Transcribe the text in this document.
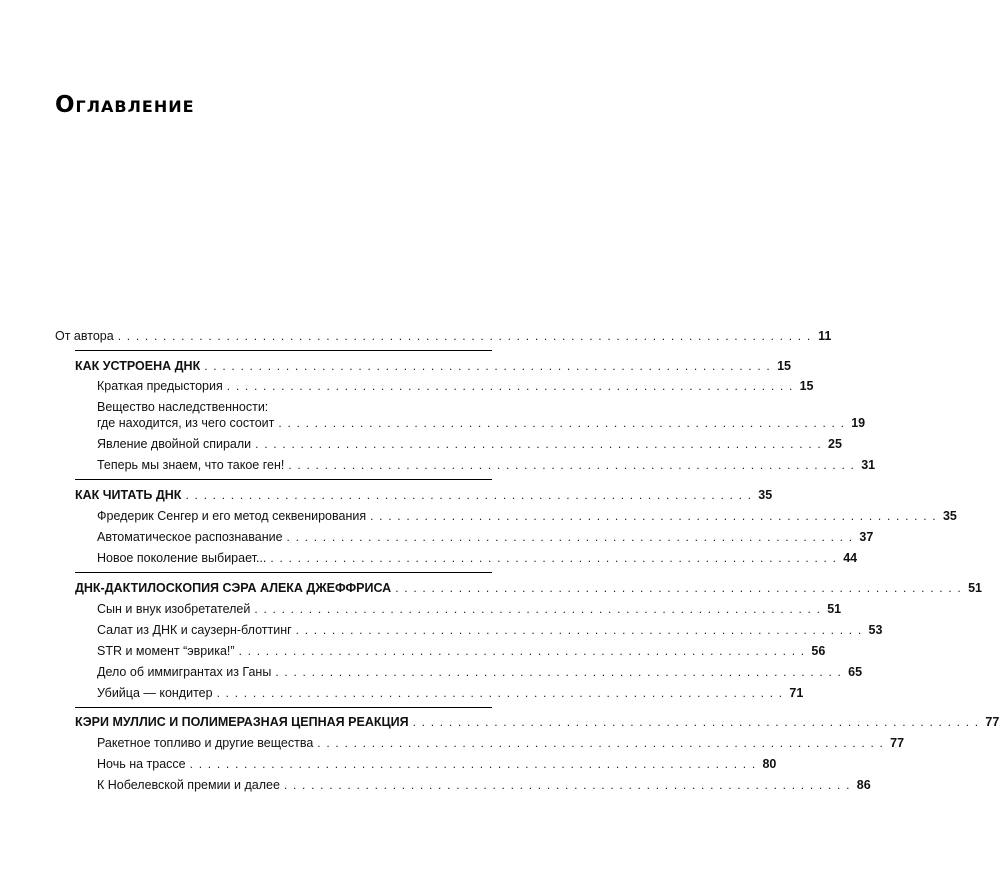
Оглавление
От автора . . . . . . . . . . . . . . . . . . . . . . . . . . . . . . . . . . . . . . . . . . . . . . . . . . . . . . . . . . . . . . . . . . . . . . . . . . . . . 11
КАК УСТРОЕНА ДНК . . . . . . . . . . . . . . . . . . . . . . . . . . . . . . . . . . . . . . . . . . . . . . . . . . . . . . . . . . . . . . . 15
Краткая предыстория . . . . . . . . . . . . . . . . . . . . . . . . . . . . . . . . . . . . . . . . . . . . . . . . . . . . . . . . . . . . . . . 15
Вещество наследственности:
где находится, из чего состоит . . . . . . . . . . . . . . . . . . . . . . . . . . . . . . . . . . . . . . . . . . . . . . . . . . . . . . . . . . . . . . . 19
Явление двойной спирали . . . . . . . . . . . . . . . . . . . . . . . . . . . . . . . . . . . . . . . . . . . . . . . . . . . . . . . . . . . . . . . 25
Теперь мы знаем, что такое ген! . . . . . . . . . . . . . . . . . . . . . . . . . . . . . . . . . . . . . . . . . . . . . . . . . . . . . . . . . . . . . . . 31
КАК ЧИТАТЬ ДНК . . . . . . . . . . . . . . . . . . . . . . . . . . . . . . . . . . . . . . . . . . . . . . . . . . . . . . . . . . . . . . . 35
Фредерик Сенгер и его метод секвенирования . . . . . . . . . . . . . . . . . . . . . . . . . . . . . . . . . . . . . . . . . . . . . . . . . . . . . . . . . . . . . . . 35
Автоматическое распознавание . . . . . . . . . . . . . . . . . . . . . . . . . . . . . . . . . . . . . . . . . . . . . . . . . . . . . . . . . . . . . . . 37
Новое поколение выбирает... . . . . . . . . . . . . . . . . . . . . . . . . . . . . . . . . . . . . . . . . . . . . . . . . . . . . . . . . . . . . . . . 44
ДНК-ДАКТИЛОСКОПИЯ СЭРА АЛЕКА ДЖЕФФРИСА . . . . . . . . . . . . . . . . . . . . . . . . . . . . . . . . . . . . . . . . . . . . . . . . . . . . . . . . . . . . . . . 51
Сын и внук изобретателей . . . . . . . . . . . . . . . . . . . . . . . . . . . . . . . . . . . . . . . . . . . . . . . . . . . . . . . . . . . . . . . 51
Салат из ДНК и саузерн-блоттинг . . . . . . . . . . . . . . . . . . . . . . . . . . . . . . . . . . . . . . . . . . . . . . . . . . . . . . . . . . . . . . . 53
STR и момент “эврика!” . . . . . . . . . . . . . . . . . . . . . . . . . . . . . . . . . . . . . . . . . . . . . . . . . . . . . . . . . . . . . . . 56
Дело об иммигрантах из Ганы . . . . . . . . . . . . . . . . . . . . . . . . . . . . . . . . . . . . . . . . . . . . . . . . . . . . . . . . . . . . . . . 65
Убийца — кондитер . . . . . . . . . . . . . . . . . . . . . . . . . . . . . . . . . . . . . . . . . . . . . . . . . . . . . . . . . . . . . . . 71
КЭРИ МУЛЛИС И ПОЛИМЕРАЗНАЯ ЦЕПНАЯ РЕАКЦИЯ . . . . . . . . . . . . . . . . . . . . . . . . . . . . . . . . . . . . . . . . . . . . . . . . . . . . . . . . . . . . . . . 77
Ракетное топливо и другие вещества . . . . . . . . . . . . . . . . . . . . . . . . . . . . . . . . . . . . . . . . . . . . . . . . . . . . . . . . . . . . . . . 77
Ночь на трассе . . . . . . . . . . . . . . . . . . . . . . . . . . . . . . . . . . . . . . . . . . . . . . . . . . . . . . . . . . . . . . . 80
К Нобелевской премии и далее . . . . . . . . . . . . . . . . . . . . . . . . . . . . . . . . . . . . . . . . . . . . . . . . . . . . . . . . . . . . . . . 86
